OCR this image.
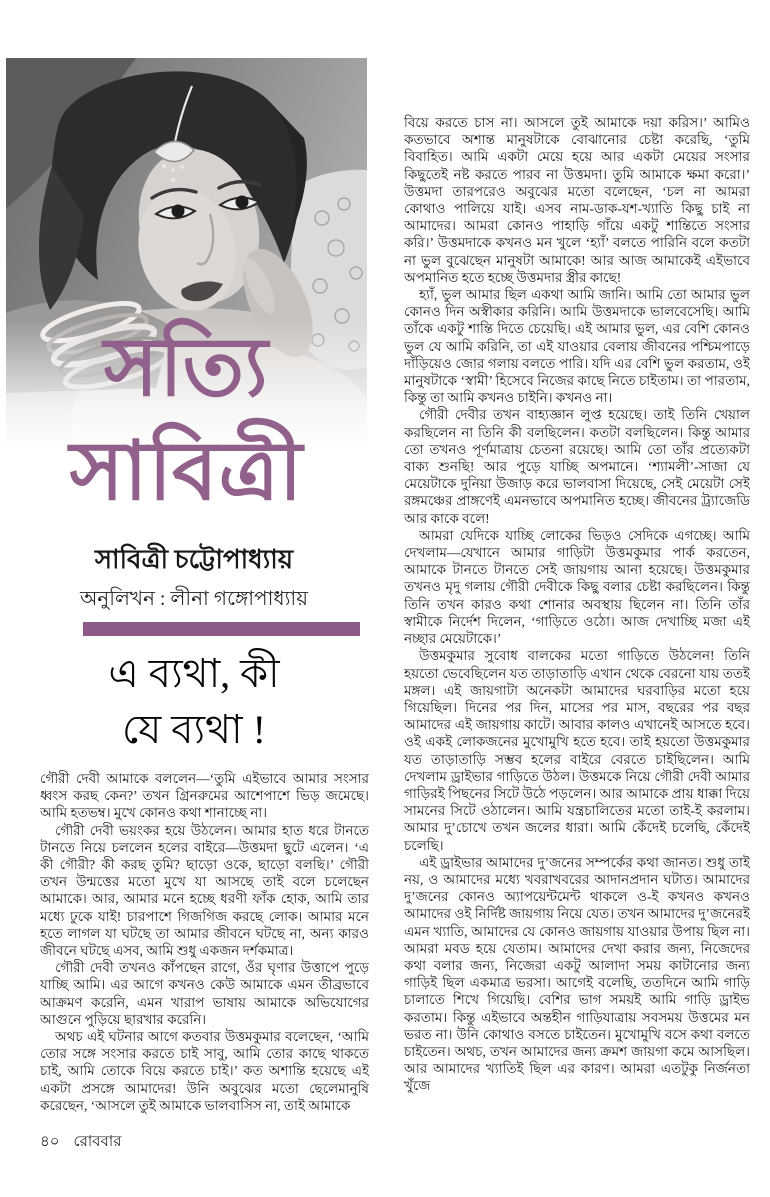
সত্যি
সাবিত্রী
সাবিত্রী চট্টোপাধ্যায়
অনুলিখন : লীনা গঙ্গোপাধ্যায়
এ ব্যথা, কী
যে ব্যথা !

গৌরী দেবী আমাকে বললেন—‘তুমি এইভাবে আমার সংসার ধ্বংস করছ কেন?’ তখন গ্রিনরুমের আশেপাশে ভিড় জমেছে। আমি হতভম্ব। মুখে কোনও কথা শানাচ্ছে না।

গৌরী দেবী ভয়ংকর হয়ে উঠলেন। আমার হাত ধরে টানতে টানতে নিয়ে চললেন হলের বাইরে—উত্তমদা ছুটে এলেন। ‘এ কী গৌরী? কী করছ তুমি? ছাড়ো ওকে, ছাড়ো বলছি।’ গৌরী তখন উন্মত্তের মতো মুখে যা আসছে তাই বলে চলেছেন আমাকে। আর, আমার মনে হচ্ছে ধরণী ফাঁক হোক, আমি তার মধ্যে ঢুকে যাই! চারপাশে গিজগিজ করছে লোক। আমার মনে হতে লাগল যা ঘটছে তা আমার জীবনে ঘটছে না, অন্য কারও জীবনে ঘটছে এসব, আমি শুধু একজন দর্শকমাত্র।

গৌরী দেবী তখনও কাঁপছেন রাগে, ওঁর ঘৃণার উত্তাপে পুড়ে যাচ্ছি আমি। এর আগে কখনও কেউ আমাকে এমন তীব্রভাবে আক্রমণ করেনি, এমন খারাপ ভাষায় আমাকে অভিযোগের আগুনে পুড়িয়ে ছারখার করেনি।

অথচ এই ঘটনার আগে কতবার উত্তমকুমার বলেছেন, ‘আমি তোর সঙ্গে সংসার করতে চাই সাবু, আমি তোর কাছে থাকতে চাই, আমি তোকে বিয়ে করতে চাই।’ কত অশান্তি হয়েছে এই একটা প্রসঙ্গে আমাদের! উনি অবুঝের মতো ছেলেমানুষি করেছেন, ‘আসলে তুই আমাকে ভালবাসিস না, তাই আমাকে

বিয়ে করতে চাস না। আসলে তুই আমাকে দয়া করিস।’ আমিও কতভাবে অশান্ত মানুষটাকে বোঝানোর চেষ্টা করেছি, ‘তুমি বিবাহিত। আমি একটা মেয়ে হয়ে আর একটা মেয়ের সংসার কিছুতেই নষ্ট করতে পারব না উত্তমদা। তুমি আমাকে ক্ষমা করো।’ উত্তমদা তারপরেও অবুঝের মতো বলেছেন, ‘চল না আমরা কোথাও পালিয়ে যাই। এসব নাম-ডাক-যশ-খ্যাতি কিছু চাই না আমাদের। আমরা কোনও পাহাড়ি গাঁয়ে একটু শান্তিতে সংসার করি।’ উত্তমদাকে কখনও মন খুলে ‘হ্যাঁ’ বলতে পারিনি বলে কতটা না ভুল বুঝেছেন মানুষটা আমাকে! আর আজ আমাকেই এইভাবে অপমানিত হতে হচ্ছে উত্তমদার স্ত্রীর কাছে!

হ্যাঁ, ভুল আমার ছিল একথা আমি জানি। আমি তো আমার ভুল কোনও দিন অস্বীকার করিনি। আমি উত্তমদাকে ভালবেসেছি। আমি তাঁকে একটু শান্তি দিতে চেয়েছি। এই আমার ভুল, এর বেশি কোনও ভুল যে আমি করিনি, তা এই যাওয়ার বেলায় জীবনের পশ্চিমপাড়ে দাঁড়িয়েও জোর গলায় বলতে পারি। যদি এর বেশি ভুল করতাম, ওই মানুষটাকে ‘স্বামী’ হিসেবে নিজের কাছে নিতে চাইতাম। তা পারতাম, কিন্তু তা আমি কখনও চাইনি। কখনও না।

গৌরী দেবীর তখন বাহ্যজ্ঞান লুপ্ত হয়েছে। তাই তিনি খেয়াল করছিলেন না তিনি কী বলছিলেন। কতটা বলছিলেন। কিন্তু আমার তো তখনও পূর্ণমাত্রায় চেতনা রয়েছে। আমি তো তাঁর প্রত্যেকটা বাক্য শুনছি! আর পুড়ে যাচ্ছি অপমানে। ‘শ্যামলী’-সাজা যে মেয়েটাকে দুনিয়া উজাড় করে ভালবাসা দিয়েছে, সেই মেয়েটা সেই রঙ্গমঞ্চের প্রাঙ্গণেই এমনভাবে অপমানিত হচ্ছে। জীবনের ট্র্যাজেডি আর কাকে বলে!

আমরা যেদিকে যাচ্ছি লোকের ভিড়ও সেদিকে এগচ্ছে। আমি দেখলাম—যেখানে আমার গাড়িটা উত্তমকুমার পার্ক করতেন, আমাকে টানতে টানতে সেই জায়গায় আনা হয়েছে। উত্তমকুমার তখনও মৃদু গলায় গৌরী দেবীকে কিছু বলার চেষ্টা করছিলেন। কিন্তু তিনি তখন কারও কথা শোনার অবস্থায় ছিলেন না। তিনি তাঁর স্বামীকে নির্দেশ দিলেন, ‘গাড়িতে ওঠো। আজ দেখাচ্ছি মজা এই নচ্ছার মেয়েটাকে।’

উত্তমকুমার সুবোধ বালকের মতো গাড়িতে উঠলেন! তিনি হয়তো ভেবেছিলেন যত তাড়াতাড়ি এখান থেকে বেরনো যায় ততই মঙ্গল। এই জায়গাটা অনেকটা আমাদের ঘরবাড়ির মতো হয়ে গিয়েছিল। দিনের পর দিন, মাসের পর মাস, বছরের পর বছর আমাদের এই জায়গায় কাটে। আবার কালও এখানেই আসতে হবে। ওই একই লোকজনের মুখোমুখি হতে হবে। তাই হয়তো উত্তমকুমার যত তাড়াতাড়ি সম্ভব হলের বাইরে বেরতে চাইছিলেন। আমি দেখলাম ড্রাইভার গাড়িতে উঠল। উত্তমকে নিয়ে গৌরী দেবী আমার গাড়িরই পিছনের সিটে উঠে পড়লেন। আর আমাকে প্রায় ধাক্কা দিয়ে সামনের সিটে ওঠালেন। আমি যন্ত্রচালিতের মতো তাই-ই করলাম। আমার দু’চোখে তখন জলের ধারা। আমি কেঁদেই চলেছি, কেঁদেই চলেছি।

এই ড্রাইভার আমাদের দু’জনের সম্পর্কের কথা জানত। শুধু তাই নয়, ও আমাদের মধ্যে খবরাখবরের আদানপ্রদান ঘটাত। আমাদের দু’জনের কোনও অ্যাপয়েন্টমেন্ট থাকলে ও-ই কখনও কখনও আমাদের ওই নির্দিষ্ট জায়গায় নিয়ে যেত। তখন আমাদের দু’জনেরই এমন খ্যাতি, আমাদের যে কোনও জায়গায় যাওয়ার উপায় ছিল না। আমরা মবড হয়ে যেতাম। আমাদের দেখা করার জন্য, নিজেদের কথা বলার জন্য, নিজেরা একটু আলাদা সময় কাটানোর জন্য গাড়িই ছিল একমাত্র ভরসা। আগেই বলেছি, ততদিনে আমি গাড়ি চালাতে শিখে গিয়েছি। বেশির ভাগ সময়ই আমি গাড়ি ড্রাইভ করতাম। কিন্তু এইভাবে অন্তহীন গাড়িযাত্রায় সবসময় উত্তমের মন ভরত না। উনি কোথাও বসতে চাইতেন। মুখোমুখি বসে কথা বলতে চাইতেন। অথচ, তখন আমাদের জন্য ক্রমশ জায়গা কমে আসছিল। আর আমাদের খ্যাতিই ছিল এর কারণ। আমরা এতটুকু নির্জনতা খুঁজে

৪০ রোববার
